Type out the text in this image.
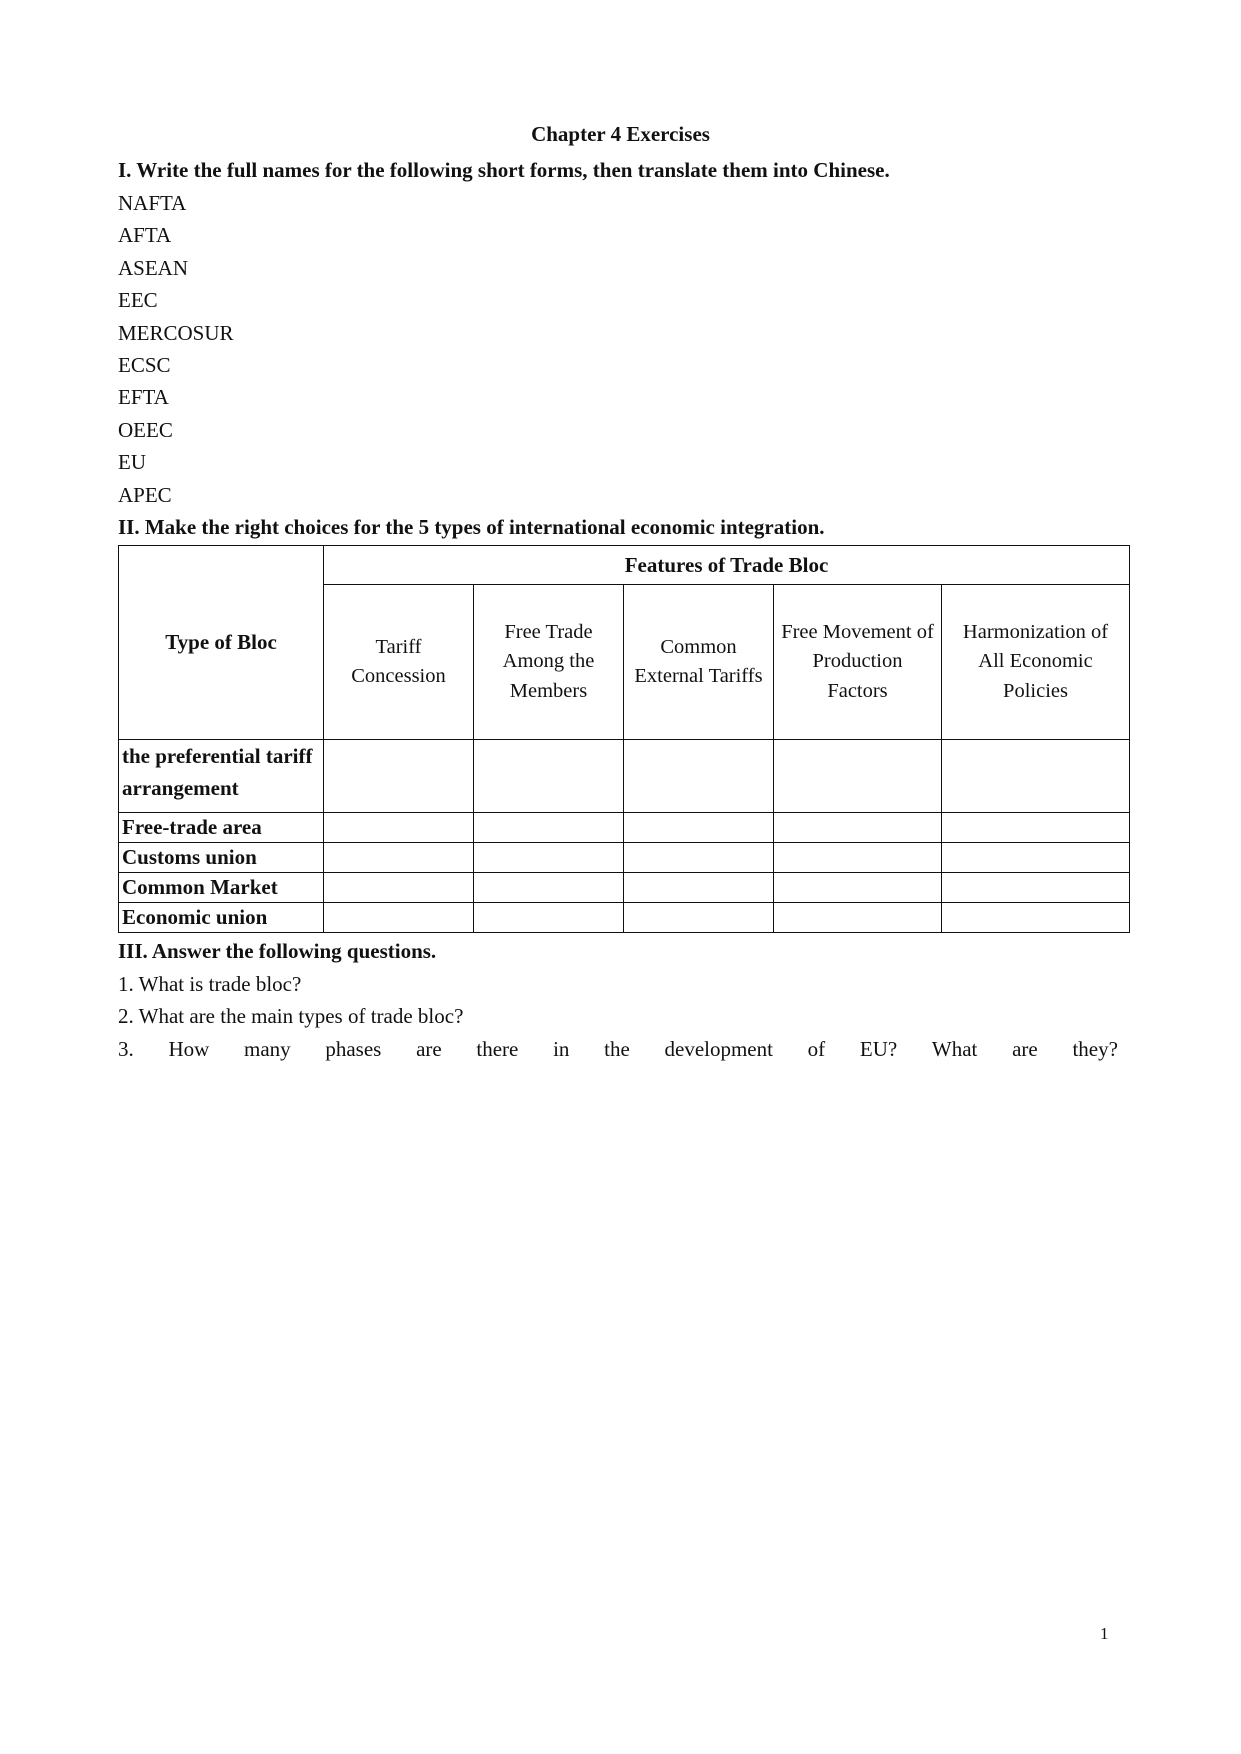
Chapter 4 Exercises

I. Write the full names for the following short forms, then translate them into Chinese.

NAFTA
AFTA
ASEAN
EEC
MERCOSUR
ECSC
EFTA
OEEC
EU
APEC

II. Make the right choices for the 5 types of international economic integration.

Type of Bloc	Features of Trade Bloc				
	Tariff Concession	Free Trade Among the Members	Common External Tariffs	Free Movement of Production Factors	Harmonization of All Economic Policies
the preferential tariff arrangement					
Free-trade area					
Customs union					
Common Market					
Economic union					

III. Answer the following questions.

1. What is trade bloc?
2. What are the main types of trade bloc?
3. How many phases are there in the development of EU? What are they?
1
